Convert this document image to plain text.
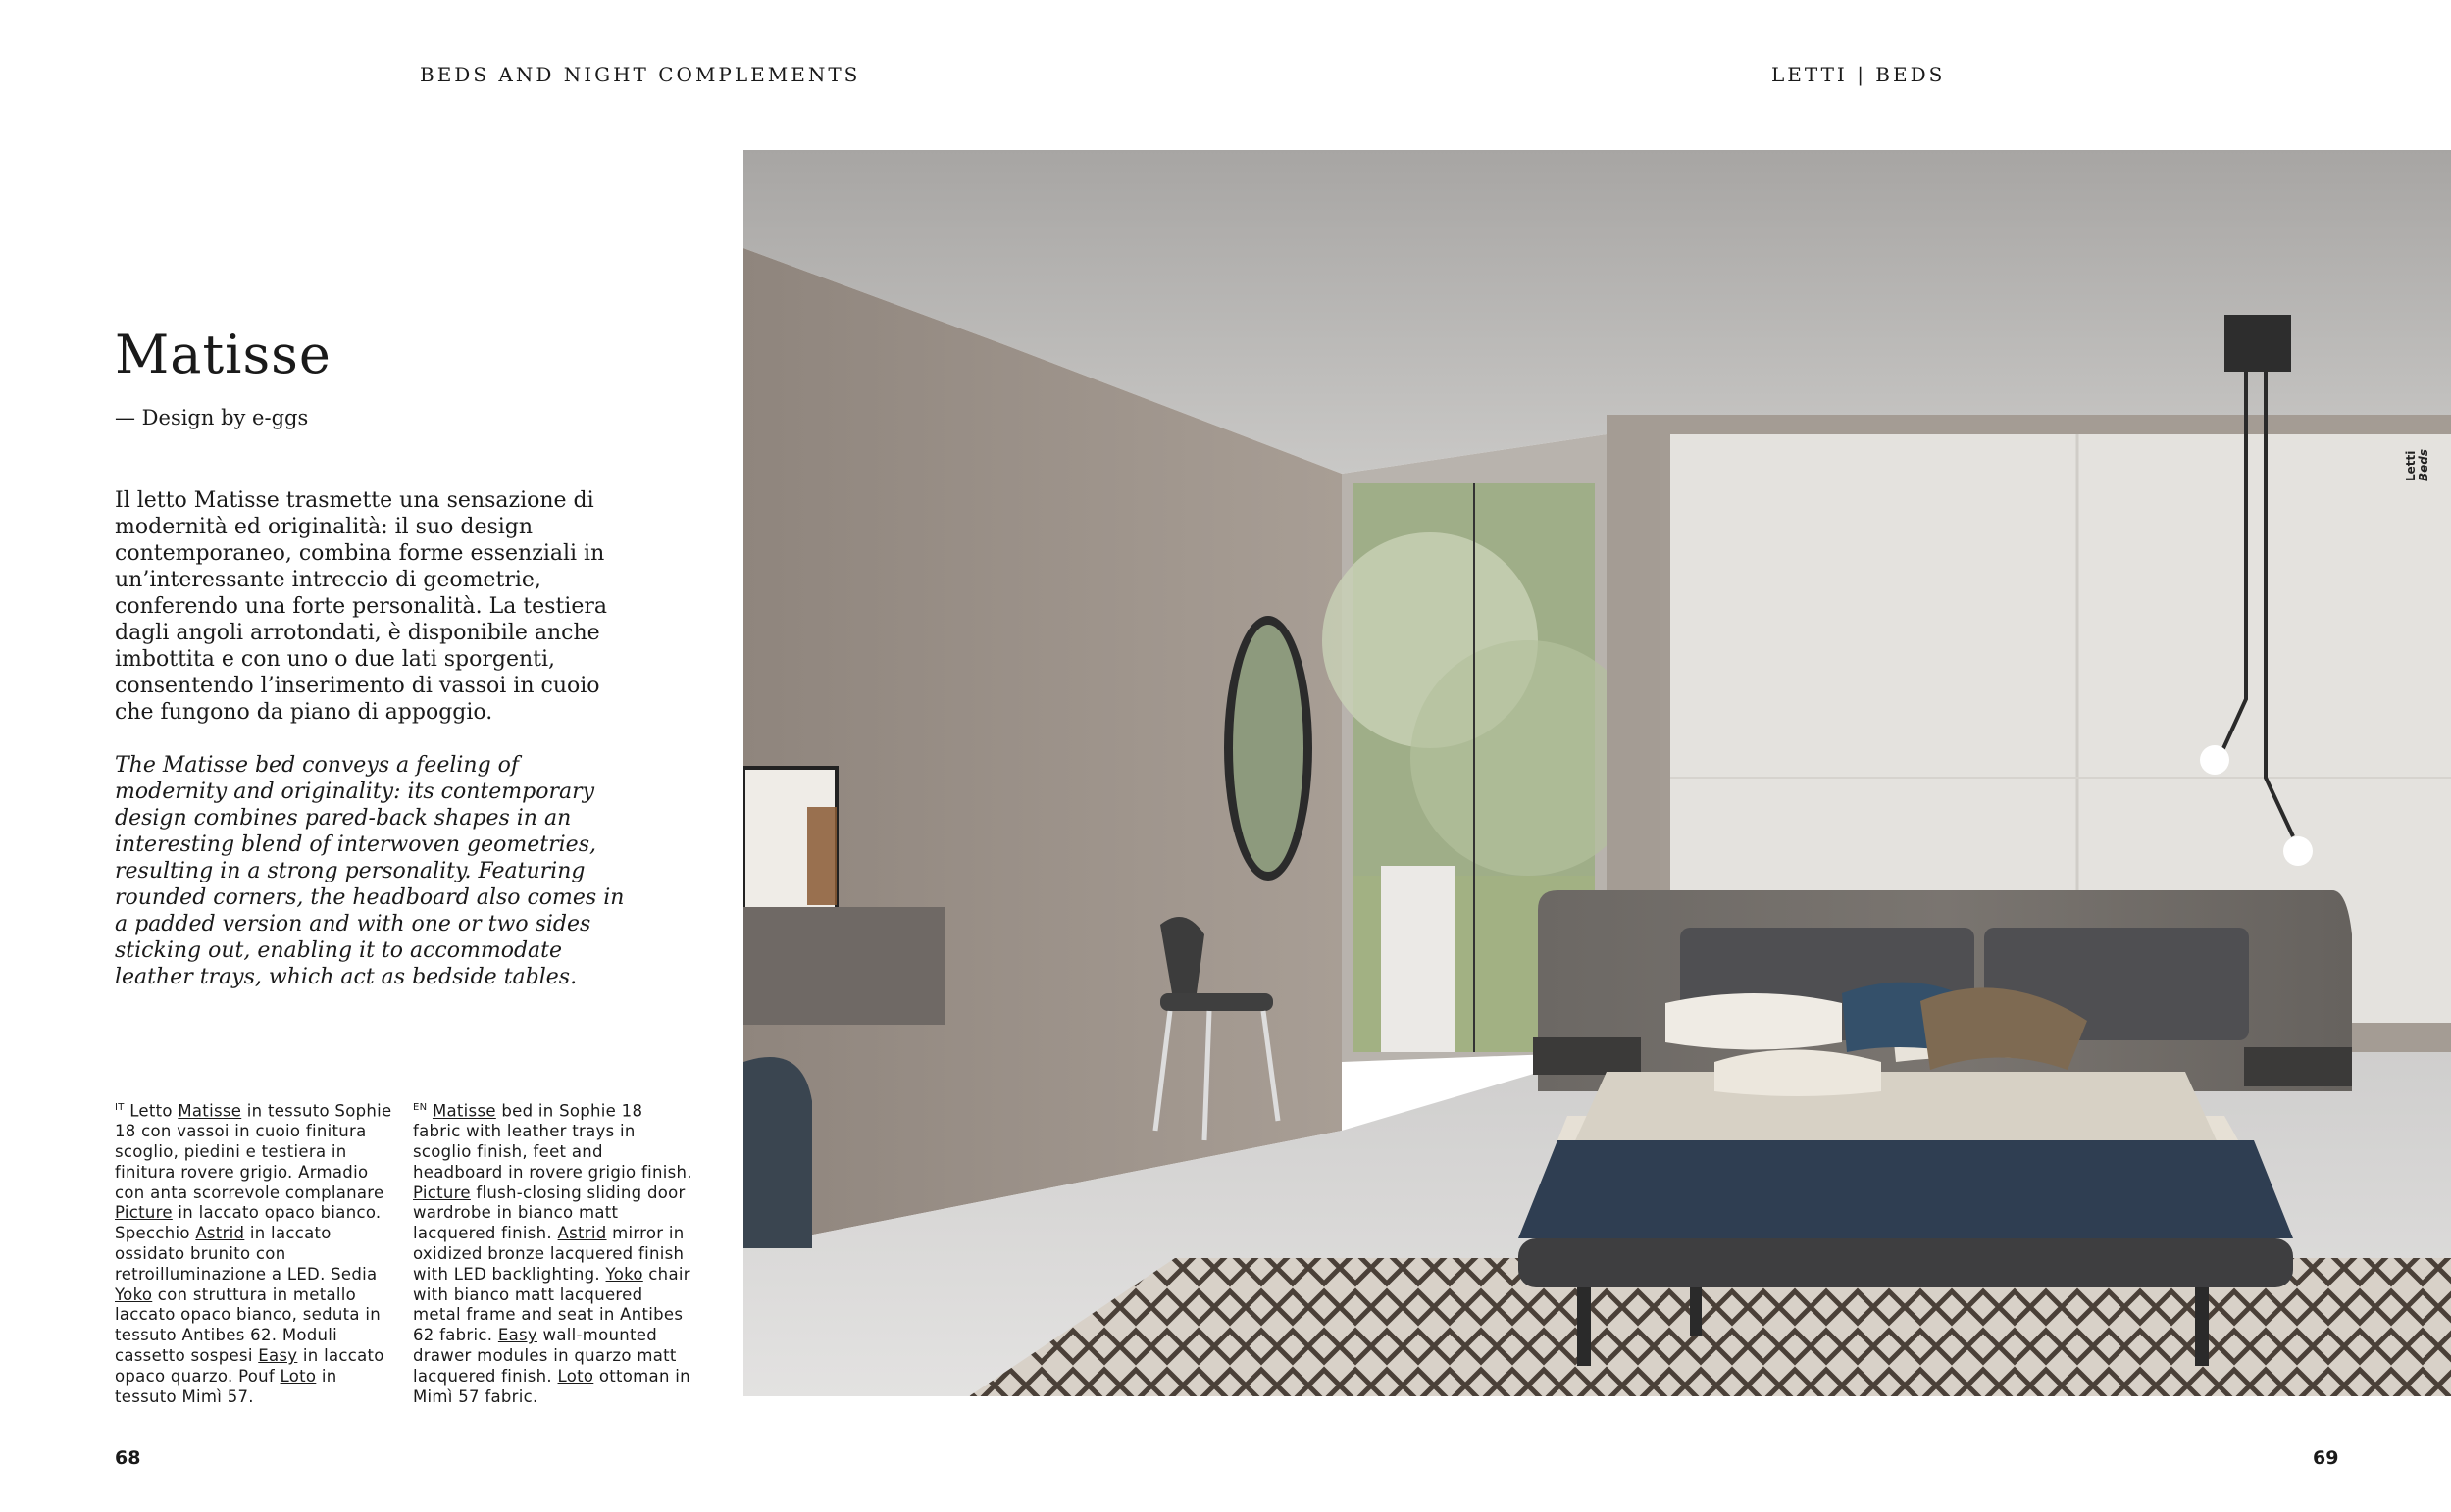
BEDS AND NIGHT COMPLEMENTS	LETTI | BEDS
Matisse
— Design by e-ggs
Il letto Matisse trasmette una sensazione di modernità ed originalità: il suo design contemporaneo, combina forme essenziali in un’interessante intreccio di geometrie, conferendo una forte personalità. La testiera dagli angoli arrotondati, è disponibile anche imbottita e con uno o due lati sporgenti, consentendo l’inserimento di vassoi in cuoio che fungono da piano di appoggio.
The Matisse bed conveys a feeling of modernity and originality: its contemporary design combines pared-back shapes in an interesting blend of interwoven geometries, resulting in a strong personality. Featuring rounded corners, the headboard also comes in a padded version and with one or two sides sticking out, enabling it to accommodate leather trays, which act as bedside tables.
$^{IT}$ Letto Matisse in tessuto Sophie 18 con vassoi in cuoio finitura scoglio, piedini e testiera in finitura rovere grigio. Armadio con anta scorrevole complanare Picture in laccato opaco bianco. Specchio Astrid in laccato ossidato brunito con retroilluminazione a LED. Sedia Yoko con struttura in metallo laccato opaco bianco, seduta in tessuto Antibes 62. Moduli cassetto sospesi Easy in laccato opaco quarzo. Pouf Loto in tessuto Mimì 57.
$^{EN}$ Matisse bed in Sophie 18 fabric with leather trays in scoglio finish, feet and headboard in rovere grigio finish. Picture flush-closing sliding door wardrobe in bianco matt lacquered finish. Astrid mirror in oxidized bronze lacquered finish with LED backlighting. Yoko chair with bianco matt lacquered metal frame and seat in Antibes 62 fabric. Easy wall-mounted drawer modules in quarzo matt lacquered finish. Loto ottoman in Mimì 57 fabric.
68	69
Letti
Beds
